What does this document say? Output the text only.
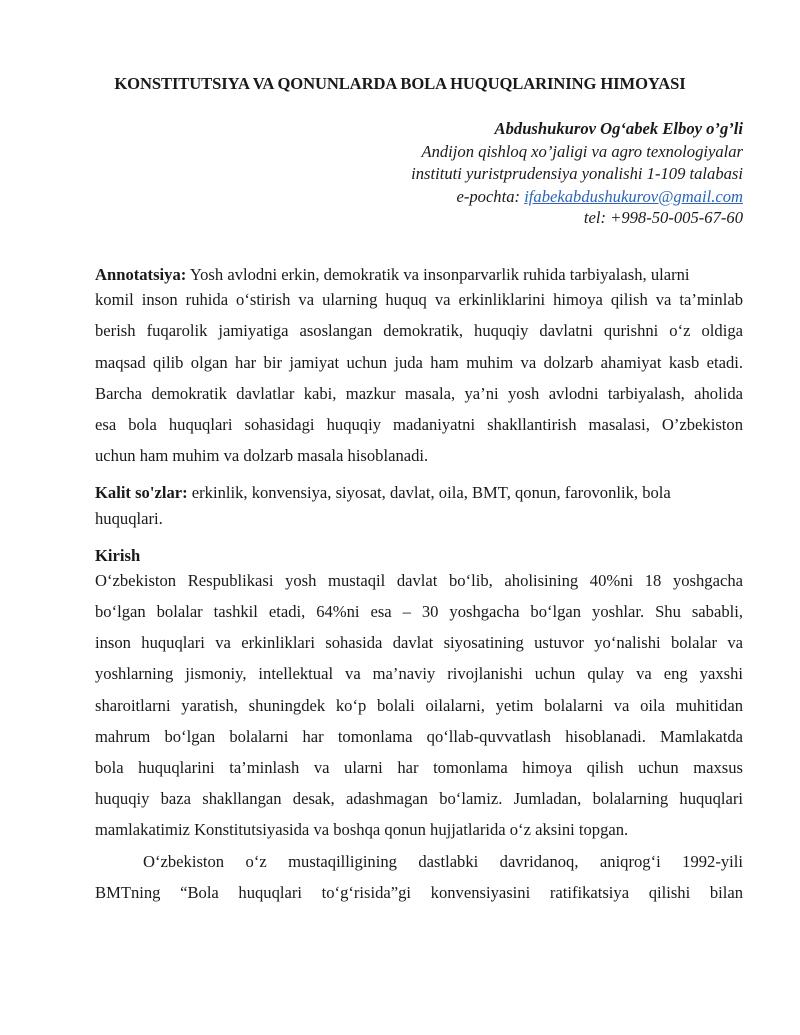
KONSTITUTSIYA VA QONUNLARDA BOLA HUQUQLARINING HIMOYASI
Abdushukurov Og‘abek Elboy o’g’li
Andijon qishloq xo’jaligi va agro texnologiyalar
instituti yuristprudensiya yonalishi 1-109 talabasi
e-pochta: ifabekabdushukurov@gmail.com
tel: +998-50-005-67-60
Annotatsiya: Yosh avlodni erkin, demokratik va insonparvarlik ruhida tarbiyalash, ularni
komil inson ruhida o‘stirish va ularning huquq va erkinliklarini himoya qilish va ta’minlab
berish fuqarolik jamiyatiga asoslangan demokratik, huquqiy davlatni qurishni o‘z oldiga
maqsad qilib olgan har bir jamiyat uchun juda ham muhim va dolzarb ahamiyat kasb etadi.
Barcha demokratik davlatlar kabi, mazkur masala, ya’ni yosh avlodni tarbiyalash, aholida
esa bola huquqlari sohasidagi huquqiy madaniyatni shakllantirish masalasi, O’zbekiston
uchun ham muhim va dolzarb masala hisoblanadi.
Kalit so'zlar: erkinlik, konvensiya, siyosat, davlat, oila, BMT, qonun, farovonlik, bola
huquqlari.
Kirish
O‘zbekiston Respublikasi yosh mustaqil davlat bo‘lib, aholisining 40%ni 18 yoshgacha
bo‘lgan bolalar tashkil etadi, 64%ni esa – 30 yoshgacha bo‘lgan yoshlar. Shu sababli,
inson huquqlari va erkinliklari sohasida davlat siyosatining ustuvor yo‘nalishi bolalar va
yoshlarning jismoniy, intellektual va ma’naviy rivojlanishi uchun qulay va eng yaxshi
sharoitlarni yaratish, shuningdek ko‘p bolali oilalarni, yetim bolalarni va oila muhitidan
mahrum bo‘lgan bolalarni har tomonlama qo‘llab-quvvatlash hisoblanadi. Mamlakatda
bola huquqlarini ta’minlash va ularni har tomonlama himoya qilish uchun maxsus
huquqiy baza shakllangan desak, adashmagan bo‘lamiz. Jumladan, bolalarning huquqlari
mamlakatimiz Konstitutsiyasida va boshqa qonun hujjatlarida o‘z aksini topgan.
O‘zbekiston o‘z mustaqilligining dastlabki davridanoq, aniqrog‘i 1992-yili
BMTning “Bola huquqlari to‘g‘risida”gi konvensiyasini ratifikatsiya qilishi bilan
